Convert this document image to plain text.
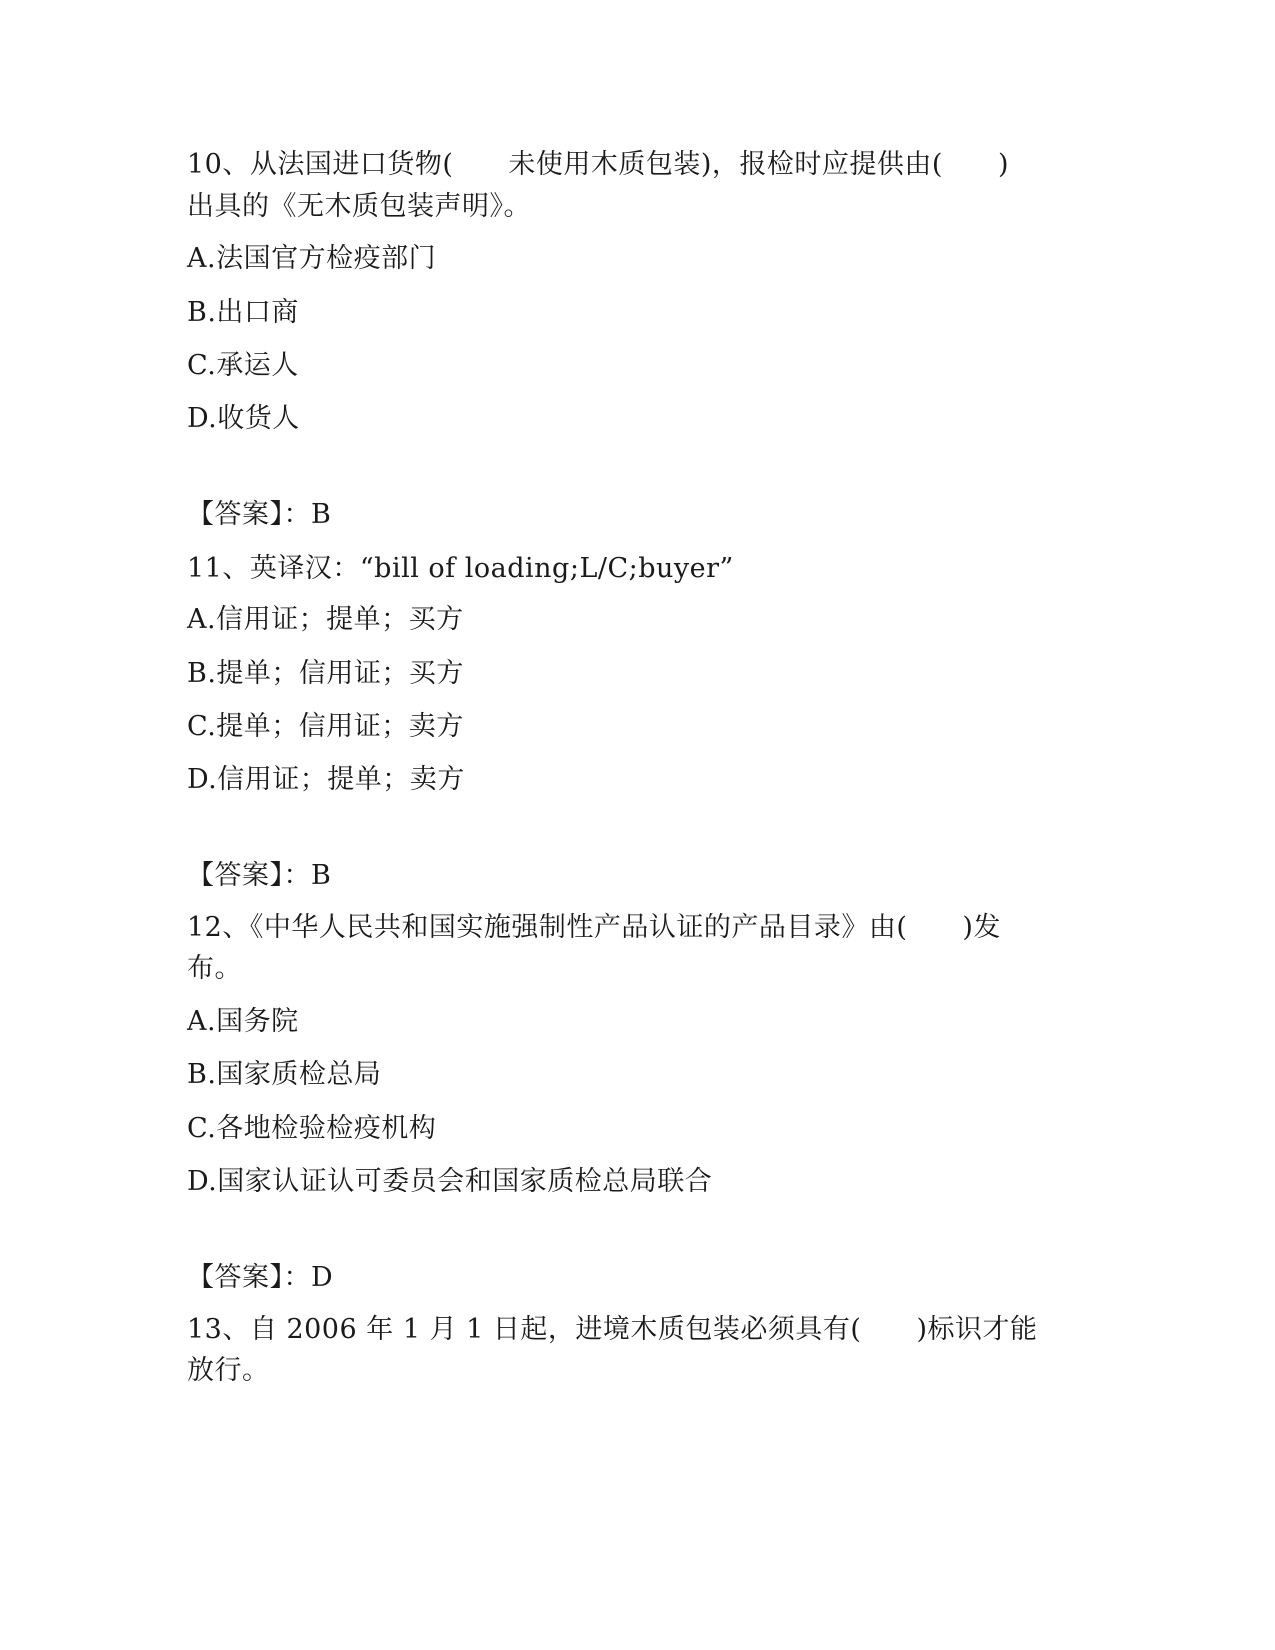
10、从法国进口货物(　　未使用木质包装)，报检时应提供由(　　)
出具的《无木质包装声明》。
A.法国官方检疫部门
B.出口商
C.承运人
D.收货人
【答案】：B
11、英译汉：“bill of loading;L/C;buyer”
A.信用证；提单；买方
B.提单；信用证；买方
C.提单；信用证；卖方
D.信用证；提单；卖方
【答案】：B
12、《中华人民共和国实施强制性产品认证的产品目录》由(　　)发
布。
A.国务院
B.国家质检总局
C.各地检验检疫机构
D.国家认证认可委员会和国家质检总局联合
【答案】：D
13、自 2006 年 1 月 1 日起，进境木质包装必须具有(　　)标识才能
放行。
